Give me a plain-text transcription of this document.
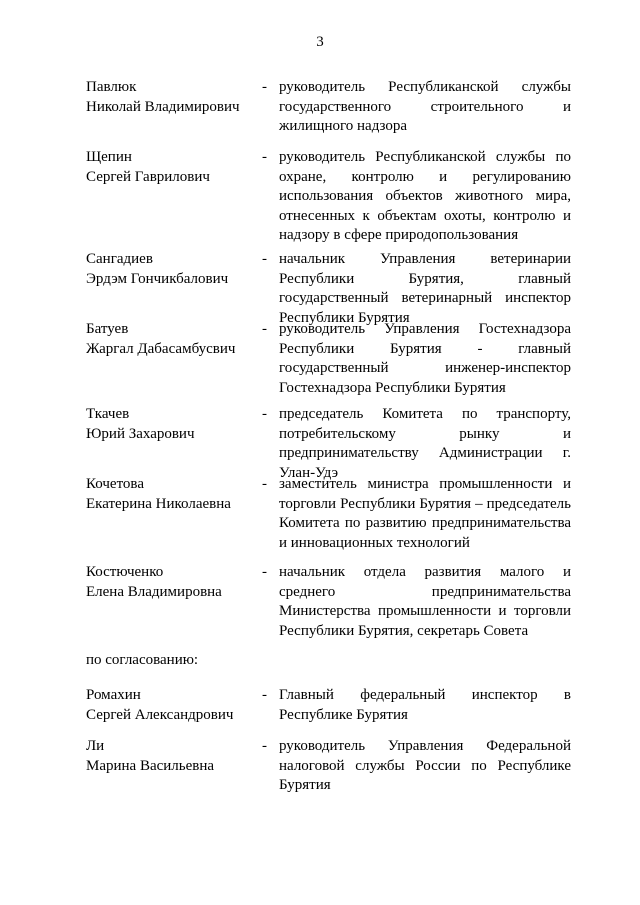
3
Павлюк
Николай Владимирович
- руководитель Республиканской службы государственного строительного и жилищного надзора
Щепин
Сергей Гаврилович
- руководитель Республиканской службы по охране, контролю и регулированию использования объектов животного мира, отнесенных к объектам охоты, контролю и надзору в сфере природопользования
Сангадиев
Эрдэм Гончикбалович
- начальник Управления ветеринарии Республики Бурятия, главный государственный ветеринарный инспектор Республики Бурятия
Батуев
Жаргал Дабасамбусвич
- руководитель Управления Гостехнадзора Республики Бурятия - главный государственный инженер-инспектор Гостехнадзора Республики Бурятия
Ткачев
Юрий Захарович
- председатель Комитета по транспорту, потребительскому рынку и предпринимательству Администрации г. Улан-Удэ
Кочетова
Екатерина Николаевна
- заместитель министра промышленности и торговли Республики Бурятия – председатель Комитета по развитию предпринимательства и инновационных технологий
Костюченко
Елена Владимировна
- начальник отдела развития малого и среднего предпринимательства Министерства промышленности и торговли Республики Бурятия, секретарь Совета
по согласованию:
Ромахин
Сергей Александрович
- Главный федеральный инспектор в Республике Бурятия
Ли
Марина Васильевна
- руководитель Управления Федеральной налоговой службы России по Республике Бурятия
